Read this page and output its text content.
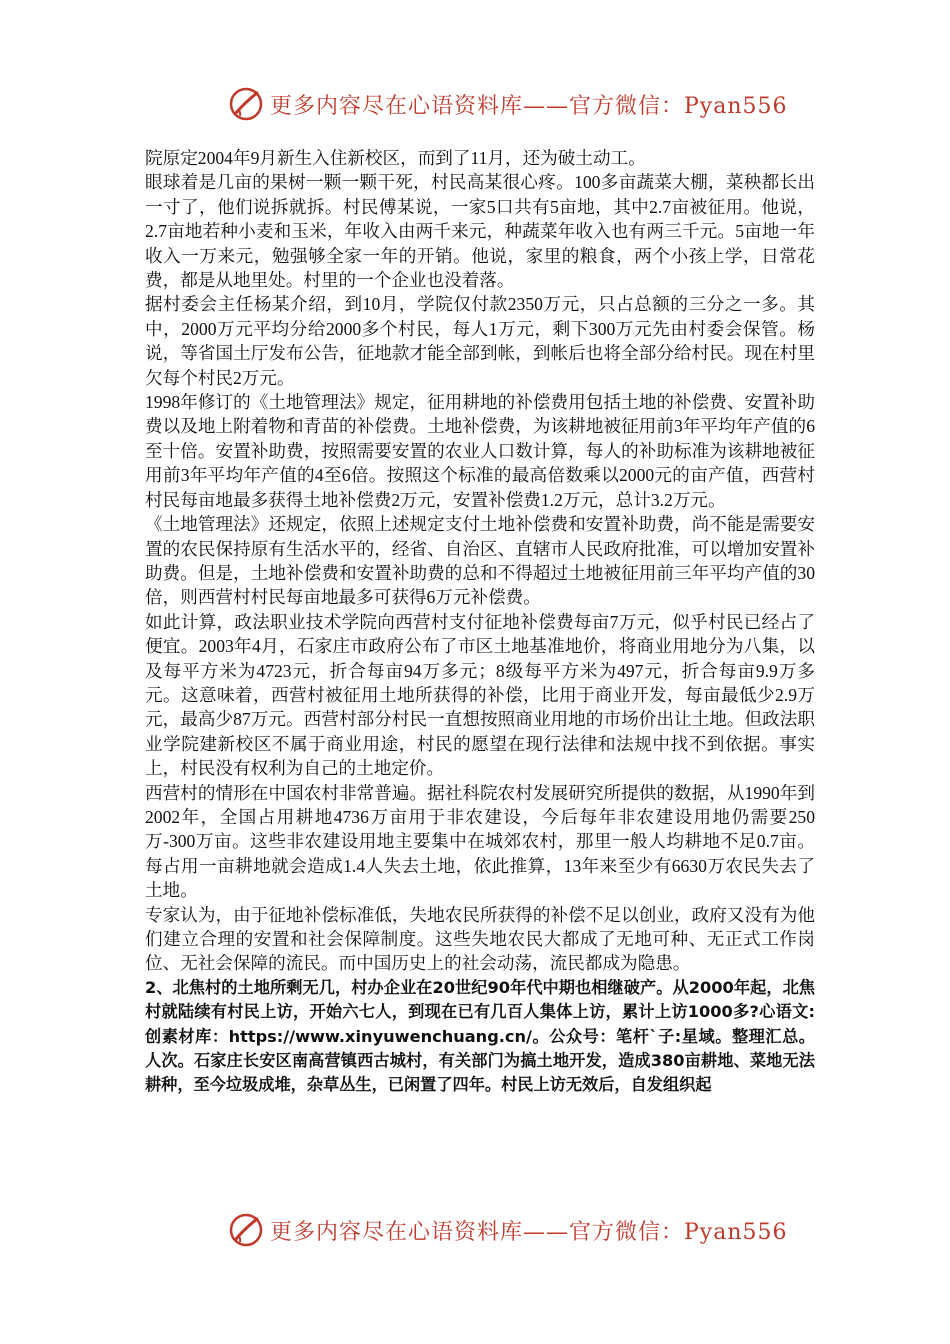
更多内容尽在心语资料库——官方微信：Pyan556

院原定2004年9月新生入住新校区，而到了11月，还为破土动工。

眼球着是几亩的果树一颗一颗干死，村民高某很心疼。100多亩蔬菜大棚，菜秧都长出一寸了，他们说拆就拆。村民傅某说，一家5口共有5亩地，其中2.7亩被征用。他说，2.7亩地若种小麦和玉米，年收入由两千来元，种蔬菜年收入也有两三千元。5亩地一年收入一万来元，勉强够全家一年的开销。他说，家里的粮食，两个小孩上学，日常花费，都是从地里处。村里的一个企业也没着落。

据村委会主任杨某介绍，到10月，学院仅付款2350万元，只占总额的三分之一多。其中，2000万元平均分给2000多个村民，每人1万元，剩下300万元先由村委会保管。杨说，等省国土厅发布公告，征地款才能全部到帐，到帐后也将全部分给村民。现在村里欠每个村民2万元。

1998年修订的《土地管理法》规定，征用耕地的补偿费用包括土地的补偿费、安置补助费以及地上附着物和青苗的补偿费。土地补偿费，为该耕地被征用前3年平均年产值的6至十倍。安置补助费，按照需要安置的农业人口数计算，每人的补助标准为该耕地被征用前3年平均年产值的4至6倍。按照这个标准的最高倍数乘以2000元的亩产值，西营村村民每亩地最多获得土地补偿费2万元，安置补偿费1.2万元，总计3.2万元。

《土地管理法》还规定，依照上述规定支付土地补偿费和安置补助费，尚不能是需要安置的农民保持原有生活水平的，经省、自治区、直辖市人民政府批准，可以增加安置补助费。但是，土地补偿费和安置补助费的总和不得超过土地被征用前三年平均产值的30倍，则西营村村民每亩地最多可获得6万元补偿费。

如此计算，政法职业技术学院向西营村支付征地补偿费每亩7万元，似乎村民已经占了便宜。2003年4月，石家庄市政府公布了市区土地基准地价，将商业用地分为八集，以及每平方米为4723元，折合每亩94万多元；8级每平方米为497元，折合每亩9.9万多元。这意味着，西营村被征用土地所获得的补偿，比用于商业开发，每亩最低少2.9万元，最高少87万元。西营村部分村民一直想按照商业用地的市场价出让土地。但政法职业学院建新校区不属于商业用途，村民的愿望在现行法律和法规中找不到依据。事实上，村民没有权利为自己的土地定价。

西营村的情形在中国农村非常普遍。据社科院农村发展研究所提供的数据，从1990年到2002年，全国占用耕地4736万亩用于非农建设，今后每年非农建设用地仍需要250万-300万亩。这些非农建设用地主要集中在城郊农村，那里一般人均耕地不足0.7亩。每占用一亩耕地就会造成1.4人失去土地，依此推算，13年来至少有6630万农民失去了土地。

专家认为，由于征地补偿标准低，失地农民所获得的补偿不足以创业，政府又没有为他们建立合理的安置和社会保障制度。这些失地农民大都成了无地可种、无正式工作岗位、无社会保障的流民。而中国历史上的社会动荡，流民都成为隐患。

2、北焦村的土地所剩无几，村办企业在20世纪90年代中期也相继破产。从2000年起，北焦村就陆续有村民上访，开始六七人，到现在已有几百人集体上访，累计上访1000多?心语文:创素材库：https://www.xinyuwenchuang.cn/。公众号：笔杆`子:星域。整理汇总。人次。石家庄长安区南高营镇西古城村，有关部门为搞土地开发，造成380亩耕地、菜地无法耕种，至今垃圾成堆，杂草丛生，已闲置了四年。村民上访无效后，自发组织起

更多内容尽在心语资料库——官方微信：Pyan556
